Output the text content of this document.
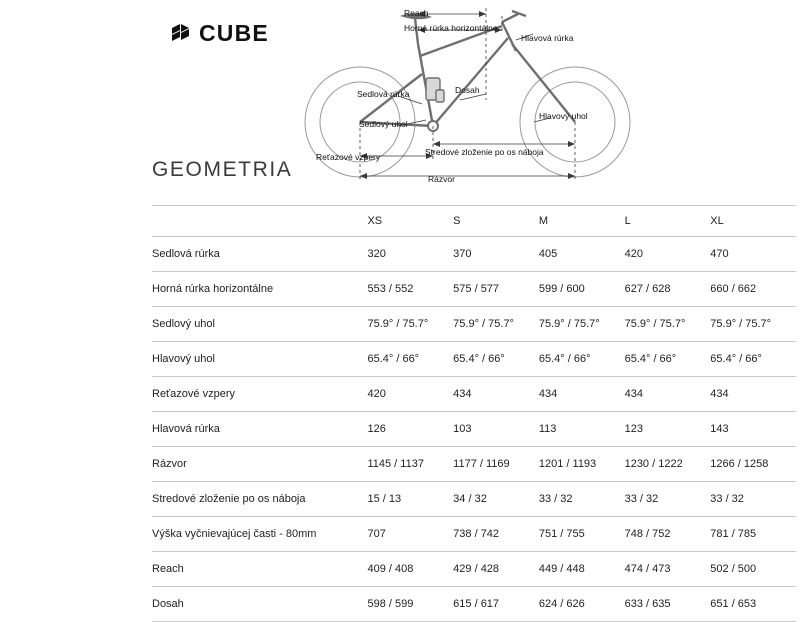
CUBE
GEOMETRIA
Reach
Horná rúrka horizontálne
Hlavová rúrka
Sedlová rúrka	Dosah
Sedlový uhol
Hlavový uhol
Stredové zloženie po os náboja
Reťazové vzpery
Rázvor
	XS	S	M	L	XL
Sedlová rúrka	320	370	405	420	470
Horná rúrka horizontálne	553 / 552	575 / 577	599 / 600	627 / 628	660 / 662
Sedlový uhol	75.9° / 75.7°	75.9° / 75.7°	75.9° / 75.7°	75.9° / 75.7°	75.9° / 75.7°
Hlavový uhol	65.4° / 66°	65.4° / 66°	65.4° / 66°	65.4° / 66°	65.4° / 66°
Reťazové vzpery	420	434	434	434	434
Hlavová rúrka	126	103	113	123	143
Rázvor	1145 / 1137	1177 / 1169	1201 / 1193	1230 / 1222	1266 / 1258
Stredové zloženie po os náboja	15 / 13	34 / 32	33 / 32	33 / 32	33 / 32
Výška vyčnievajúcej časti - 80mm	707	738 / 742	751 / 755	748 / 752	781 / 785
Reach	409 / 408	429 / 428	449 / 448	474 / 473	502 / 500
Dosah	598 / 599	615 / 617	624 / 626	633 / 635	651 / 653
